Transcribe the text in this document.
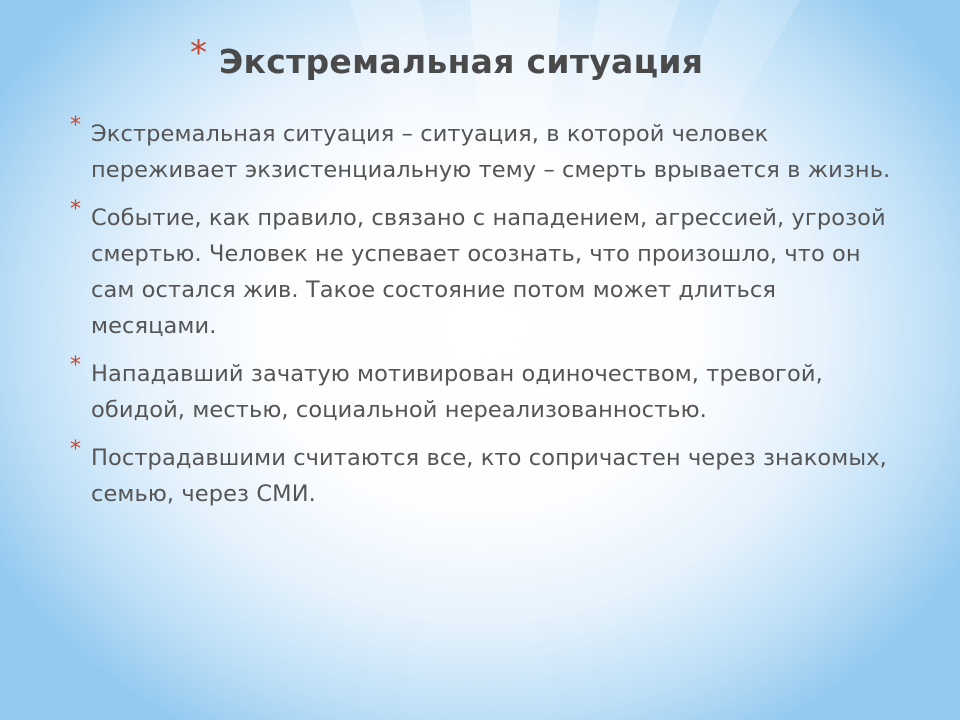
* Экстремальная ситуация
* Экстремальная ситуация – ситуация, в которой человек переживает экзистенциальную тему – смерть врывается в жизнь.
* Событие, как правило, связано с нападением, агрессией, угрозой смертью. Человек не успевает осознать, что произошло, что он сам остался жив. Такое состояние потом может длиться месяцами.
* Нападавший зачатую мотивирован одиночеством, тревогой, обидой, местью, социальной нереализованностью.
* Пострадавшими считаются все, кто сопричастен через знакомых, семью, через СМИ.
